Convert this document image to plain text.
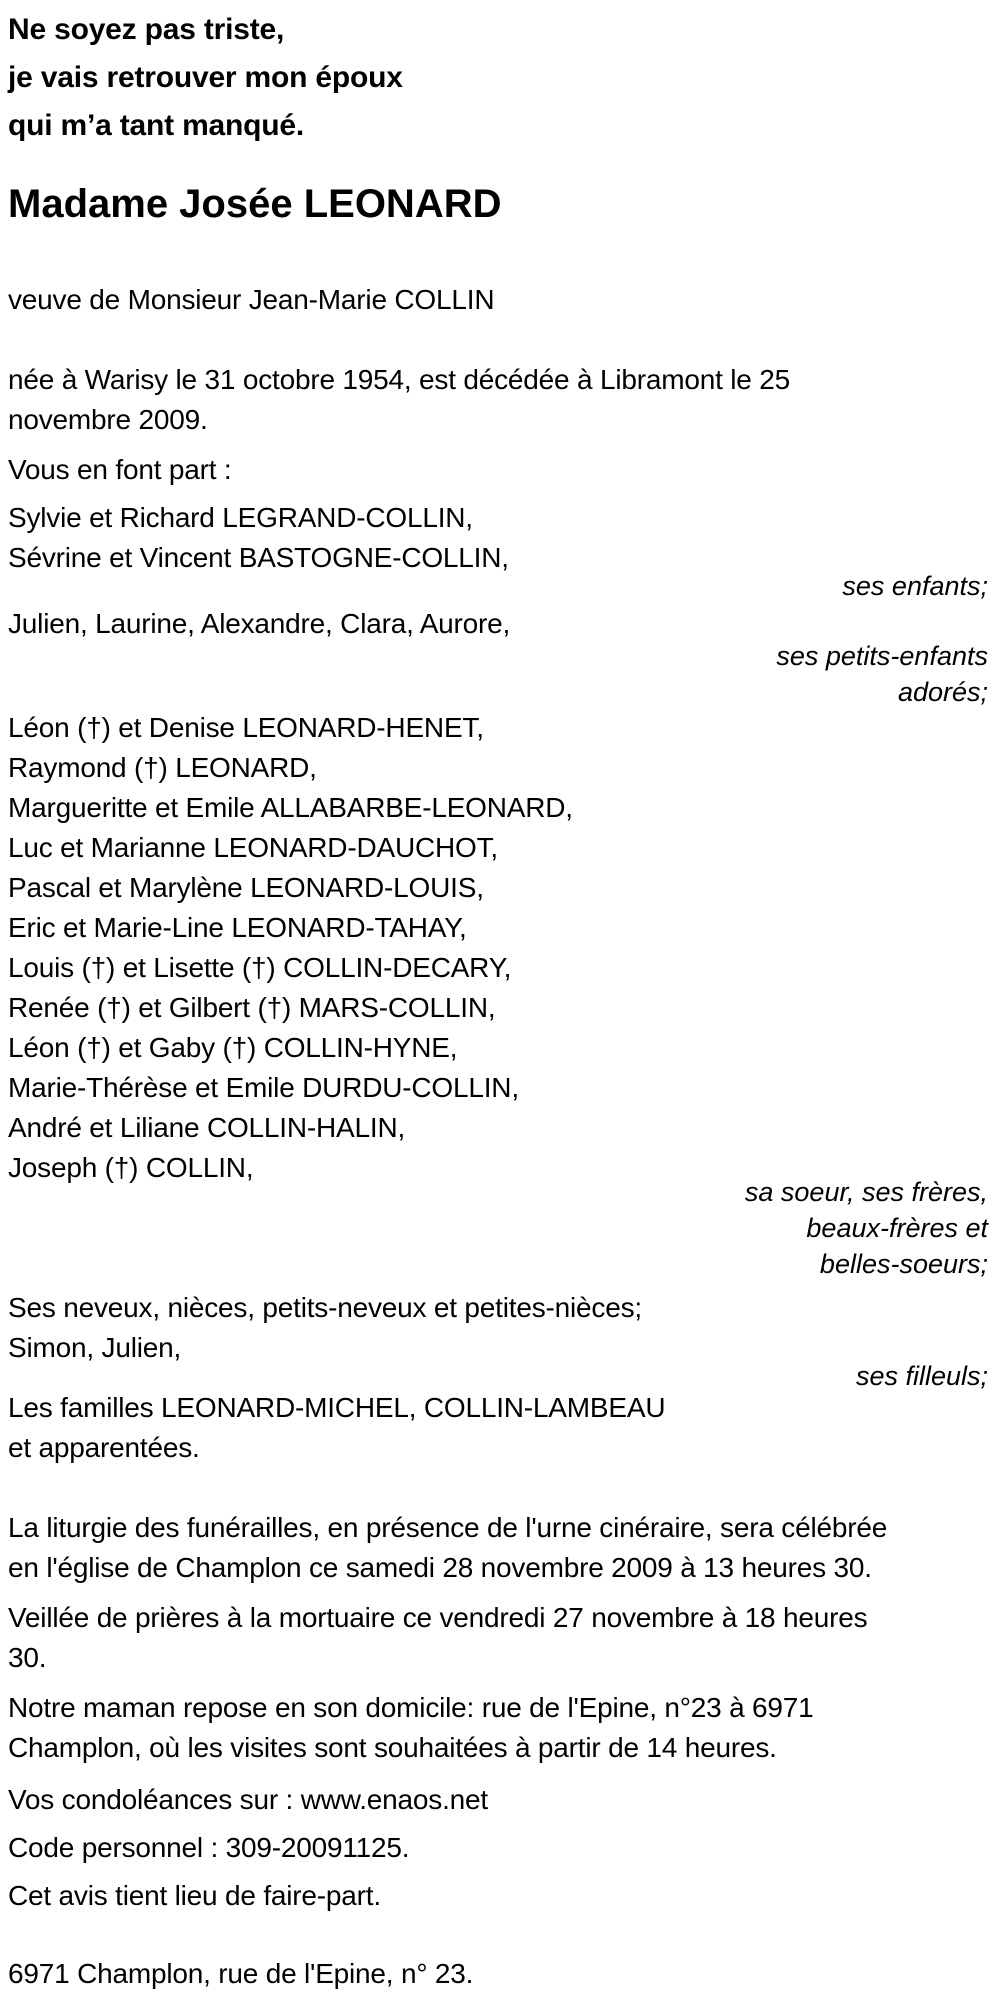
Ne soyez pas triste,
je vais retrouver mon époux
qui m’a tant manqué.
Madame Josée LEONARD
veuve de Monsieur Jean-Marie COLLIN
née à Warisy le 31 octobre 1954, est décédée à Libramont le 25
novembre 2009.
Vous en font part :
Sylvie et Richard LEGRAND-COLLIN,
Sévrine et Vincent BASTOGNE-COLLIN,
ses enfants;
Julien, Laurine, Alexandre, Clara, Aurore,
ses petits-enfants
adorés;
Léon (†) et Denise LEONARD-HENET,
Raymond (†) LEONARD,
Margueritte et Emile ALLABARBE-LEONARD,
Luc et Marianne LEONARD-DAUCHOT,
Pascal et Marylène LEONARD-LOUIS,
Eric et Marie-Line LEONARD-TAHAY,
Louis (†) et Lisette (†) COLLIN-DECARY,
Renée (†) et Gilbert (†) MARS-COLLIN,
Léon (†) et Gaby (†) COLLIN-HYNE,
Marie-Thérèse et Emile DURDU-COLLIN,
André et Liliane COLLIN-HALIN,
Joseph (†) COLLIN,
sa soeur, ses frères,
beaux-frères et
belles-soeurs;
Ses neveux, nièces, petits-neveux et petites-nièces;
Simon, Julien,
ses filleuls;
Les familles LEONARD-MICHEL, COLLIN-LAMBEAU
et apparentées.
La liturgie des funérailles, en présence de l'urne cinéraire, sera célébrée
en l'église de Champlon ce samedi 28 novembre 2009 à 13 heures 30.
Veillée de prières à la mortuaire ce vendredi 27 novembre à 18 heures
30.
Notre maman repose en son domicile: rue de l'Epine, n°23 à 6971
Champlon, où les visites sont souhaitées à partir de 14 heures.
Vos condoléances sur : www.enaos.net
Code personnel : 309-20091125.
Cet avis tient lieu de faire-part.
6971 Champlon, rue de l'Epine, n° 23.
